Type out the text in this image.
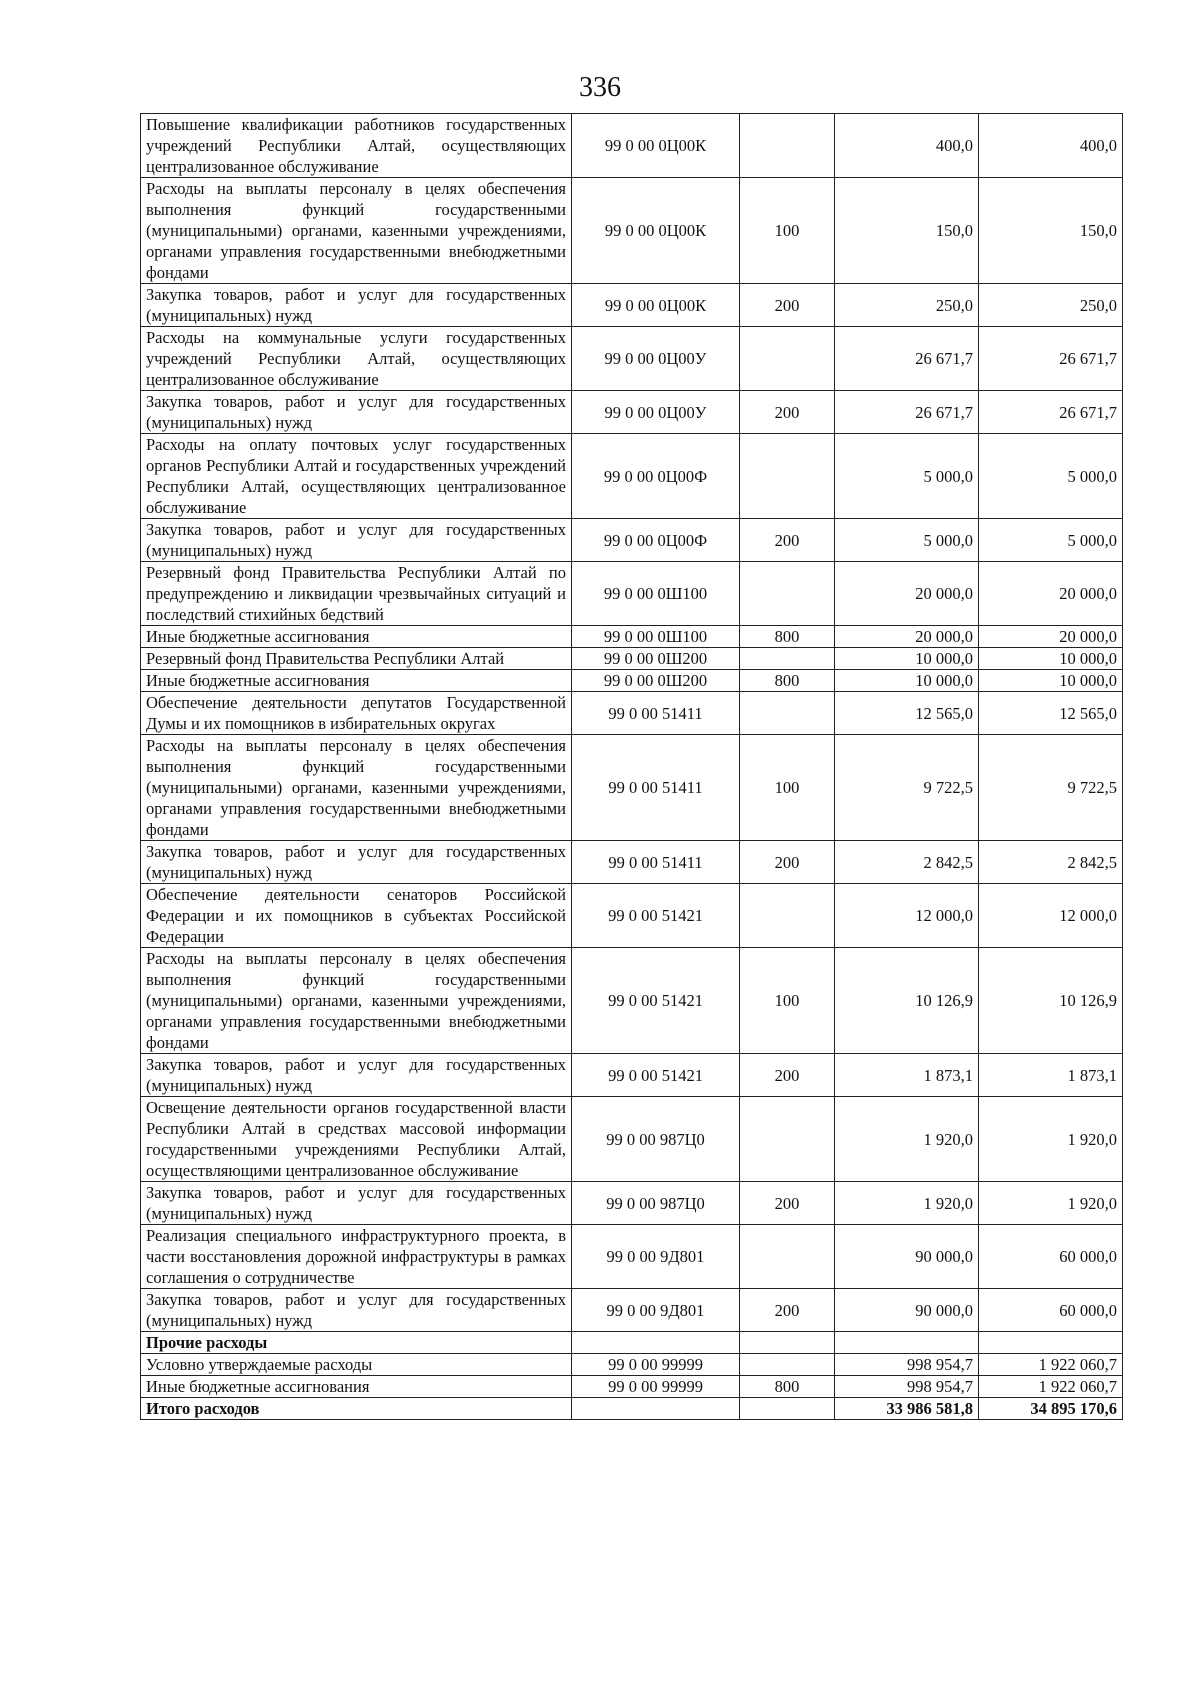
336
Повышение квалификации работников государственных учреждений Республики Алтай, осуществляющих централизованное обслуживание	99 0 00 0Ц00К		400,0	400,0
Расходы на выплаты персоналу в целях обеспечения выполнения функций государственными (муниципальными) органами, казенными учреждениями, органами управления государственными внебюджетными фондами	99 0 00 0Ц00К	100	150,0	150,0
Закупка товаров, работ и услуг для государственных (муниципальных) нужд	99 0 00 0Ц00К	200	250,0	250,0
Расходы на коммунальные услуги государственных учреждений Республики Алтай, осуществляющих централизованное обслуживание	99 0 00 0Ц00У		26 671,7	26 671,7
Закупка товаров, работ и услуг для государственных (муниципальных) нужд	99 0 00 0Ц00У	200	26 671,7	26 671,7
Расходы на оплату почтовых услуг государственных органов Республики Алтай и государственных учреждений Республики Алтай, осуществляющих централизованное обслуживание	99 0 00 0Ц00Ф		5 000,0	5 000,0
Закупка товаров, работ и услуг для государственных (муниципальных) нужд	99 0 00 0Ц00Ф	200	5 000,0	5 000,0
Резервный фонд Правительства Республики Алтай по предупреждению и ликвидации чрезвычайных ситуаций и последствий стихийных бедствий	99 0 00 0Ш100		20 000,0	20 000,0
Иные бюджетные ассигнования	99 0 00 0Ш100	800	20 000,0	20 000,0
Резервный фонд Правительства Республики Алтай	99 0 00 0Ш200		10 000,0	10 000,0
Иные бюджетные ассигнования	99 0 00 0Ш200	800	10 000,0	10 000,0
Обеспечение деятельности депутатов Государственной Думы и их помощников в избирательных округах	99 0 00 51411		12 565,0	12 565,0
Расходы на выплаты персоналу в целях обеспечения выполнения функций государственными (муниципальными) органами, казенными учреждениями, органами управления государственными внебюджетными фондами	99 0 00 51411	100	9 722,5	9 722,5
Закупка товаров, работ и услуг для государственных (муниципальных) нужд	99 0 00 51411	200	2 842,5	2 842,5
Обеспечение деятельности сенаторов Российской Федерации и их помощников в субъектах Российской Федерации	99 0 00 51421		12 000,0	12 000,0
Расходы на выплаты персоналу в целях обеспечения выполнения функций государственными (муниципальными) органами, казенными учреждениями, органами управления государственными внебюджетными фондами	99 0 00 51421	100	10 126,9	10 126,9
Закупка товаров, работ и услуг для государственных (муниципальных) нужд	99 0 00 51421	200	1 873,1	1 873,1
Освещение деятельности органов государственной власти Республики Алтай в средствах массовой информации государственными учреждениями Республики Алтай, осуществляющими централизованное обслуживание	99 0 00 987Ц0		1 920,0	1 920,0
Закупка товаров, работ и услуг для государственных (муниципальных) нужд	99 0 00 987Ц0	200	1 920,0	1 920,0
Реализация специального инфраструктурного проекта, в части восстановления дорожной инфраструктуры в рамках соглашения о сотрудничестве	99 0 00 9Д801		90 000,0	60 000,0
Закупка товаров, работ и услуг для государственных (муниципальных) нужд	99 0 00 9Д801	200	90 000,0	60 000,0
Прочие расходы				
Условно утверждаемые расходы	99 0 00 99999		998 954,7	1 922 060,7
Иные бюджетные ассигнования	99 0 00 99999	800	998 954,7	1 922 060,7
Итого расходов			33 986 581,8	34 895 170,6
